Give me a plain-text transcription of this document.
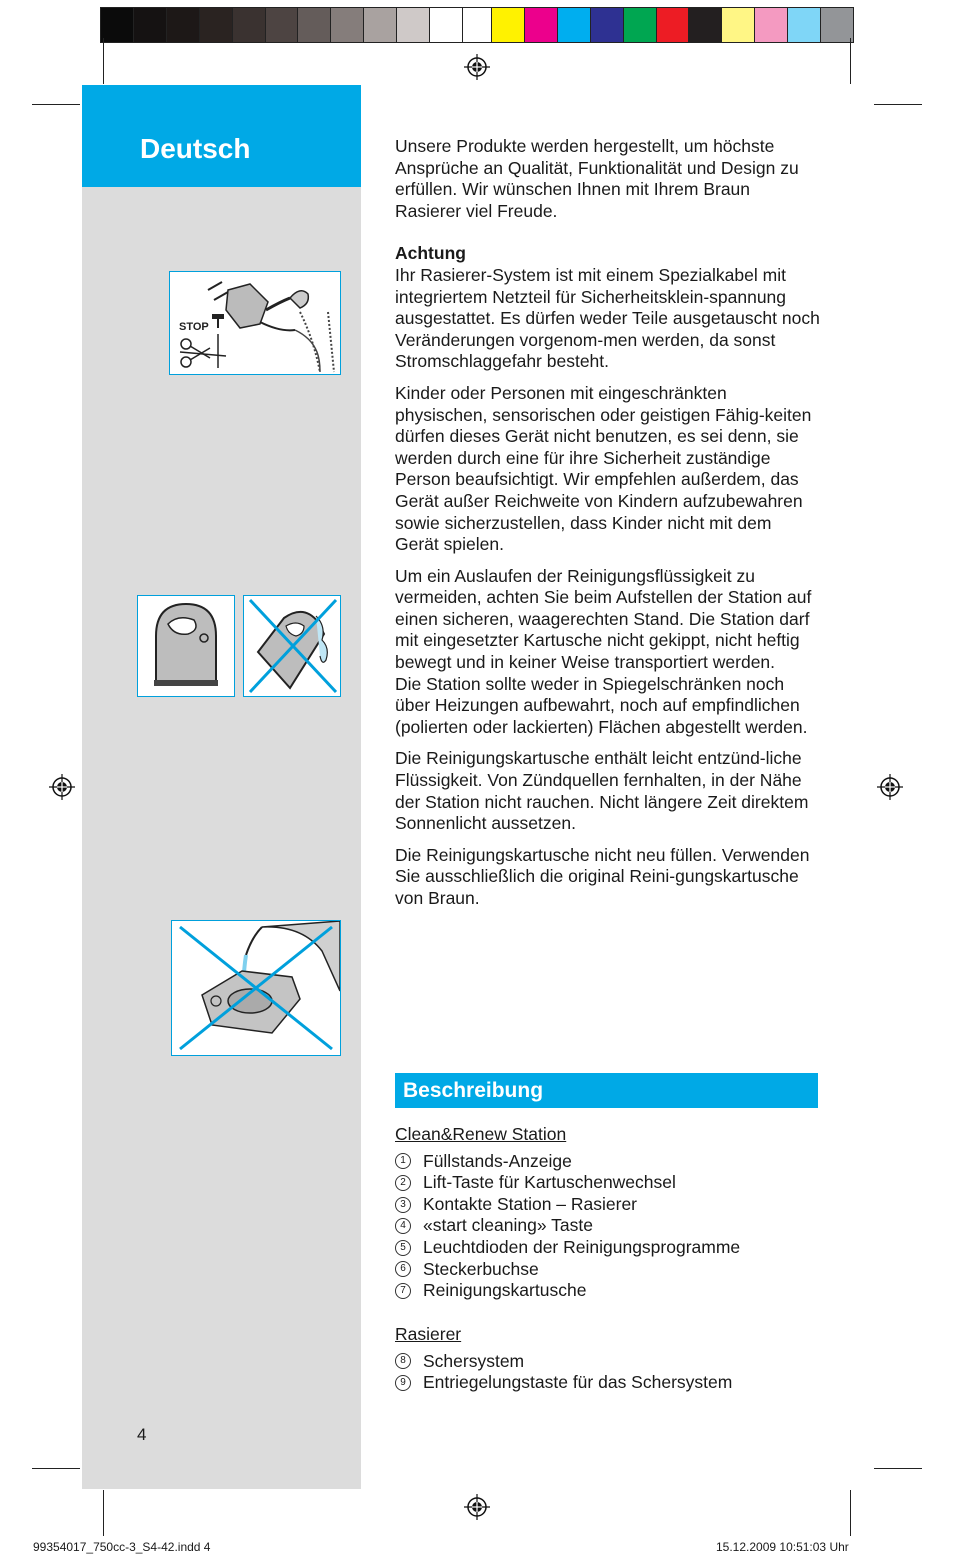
Deutsch
STOP

Unsere Produkte werden hergestellt, um höchste Ansprüche an Qualität, Funktionalität und Design zu erfüllen. Wir wünschen Ihnen mit Ihrem Braun Rasierer viel Freude.

Achtung
Ihr Rasierer-System ist mit einem Spezialkabel mit integriertem Netzteil für Sicherheitsklein-spannung ausgestattet. Es dürfen weder Teile ausgetauscht noch Veränderungen vorgenom-men werden, da sonst Stromschlaggefahr besteht.

Kinder oder Personen mit eingeschränkten physischen, sensorischen oder geistigen Fähig-keiten dürfen dieses Gerät nicht benutzen, es sei denn, sie werden durch eine für ihre Sicherheit zuständige Person beaufsichtigt. Wir empfehlen außerdem, das Gerät außer Reichweite von Kindern aufzubewahren sowie sicherzustellen, dass Kinder nicht mit dem Gerät spielen.

Um ein Auslaufen der Reinigungsflüssigkeit zu vermeiden, achten Sie beim Aufstellen der Station auf einen sicheren, waagerechten Stand. Die Station darf mit eingesetzter Kartusche nicht gekippt, nicht heftig bewegt und in keiner Weise transportiert werden.

Die Station sollte weder in Spiegelschränken noch über Heizungen aufbewahrt, noch auf empfindlichen (polierten oder lackierten) Flächen abgestellt werden.

Die Reinigungskartusche enthält leicht entzünd-liche Flüssigkeit. Von Zündquellen fernhalten, in der Nähe der Station nicht rauchen. Nicht längere Zeit direktem Sonnenlicht aussetzen.

Die Reinigungskartusche nicht neu füllen. Verwenden Sie ausschließlich die original Reini-gungskartusche von Braun.

Beschreibung
Clean&Renew Station
1 Füllstands-Anzeige
2 Lift-Taste für Kartuschenwechsel
3 Kontakte Station – Rasierer
4 «start cleaning» Taste
5 Leuchtdioden der Reinigungsprogramme
6 Steckerbuchse
7 Reinigungskartusche
Rasierer
8 Schersystem
9 Entriegelungstaste für das Schersystem
4
99354017_750cc-3_S4-42.indd 4	15.12.2009 10:51:03 Uhr
